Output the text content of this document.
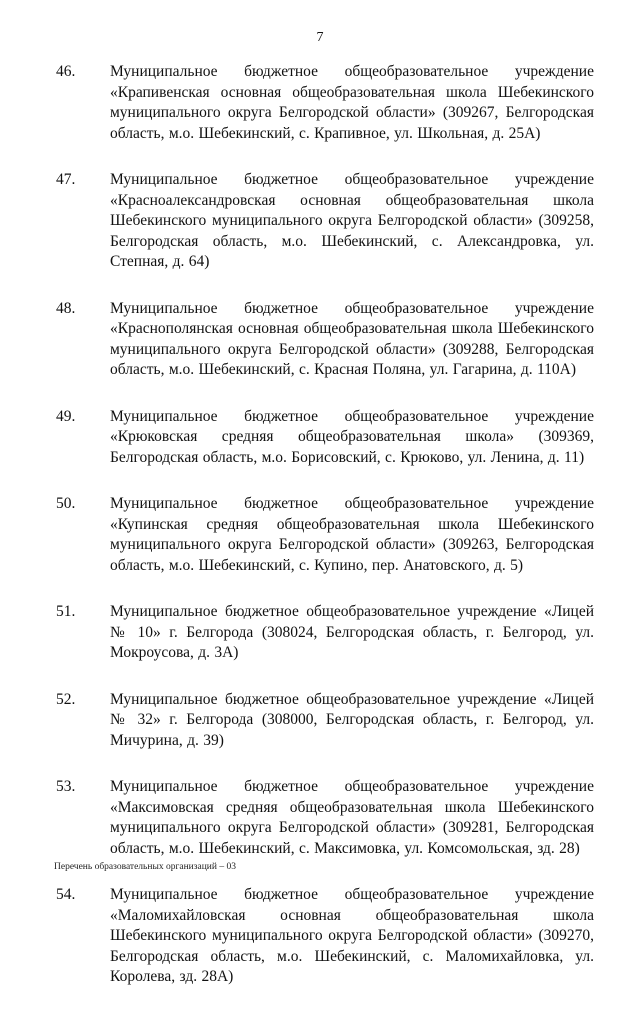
7
46.	Муниципальное бюджетное общеобразовательное учреждение «Крапивенская основная общеобразовательная школа Шебекинского муниципального округа Белгородской области» (309267, Белгородская область, м.о. Шебекинский, с. Крапивное, ул. Школьная, д. 25А)
47.	Муниципальное бюджетное общеобразовательное учреждение «Красноалександровская основная общеобразовательная школа Шебекинского муниципального округа Белгородской области» (309258, Белгородская область, м.о. Шебекинский, с. Александровка, ул. Степная, д. 64)
48.	Муниципальное бюджетное общеобразовательное учреждение «Краснополянская основная общеобразовательная школа Шебекинского муниципального округа Белгородской области» (309288, Белгородская область, м.о. Шебекинский, с. Красная Поляна, ул. Гагарина, д. 110А)
49.	Муниципальное бюджетное общеобразовательное учреждение «Крюковская средняя общеобразовательная школа» (309369, Белгородская область, м.о. Борисовский, с. Крюково, ул. Ленина, д. 11)
50.	Муниципальное бюджетное общеобразовательное учреждение «Купинская средняя общеобразовательная школа Шебекинского муниципального округа Белгородской области» (309263, Белгородская область, м.о. Шебекинский, с. Купино, пер. Анатовского, д. 5)
51.	Муниципальное бюджетное общеобразовательное учреждение «Лицей № 10» г. Белгорода (308024, Белгородская область, г. Белгород, ул. Мокроусова, д. 3А)
52.	Муниципальное бюджетное общеобразовательное учреждение «Лицей № 32» г. Белгорода (308000, Белгородская область, г. Белгород, ул. Мичурина, д. 39)
53.	Муниципальное бюджетное общеобразовательное учреждение «Максимовская средняя общеобразовательная школа Шебекинского муниципального округа Белгородской области» (309281, Белгородская область, м.о. Шебекинский, с. Максимовка, ул. Комсомольская, зд. 28)
54.	Муниципальное бюджетное общеобразовательное учреждение «Маломихайловская основная общеобразовательная школа Шебекинского муниципального округа Белгородской области» (309270, Белгородская область, м.о. Шебекинский, с. Маломихайловка, ул. Королева, зд. 28А)
Перечень образовательных организаций – 03
